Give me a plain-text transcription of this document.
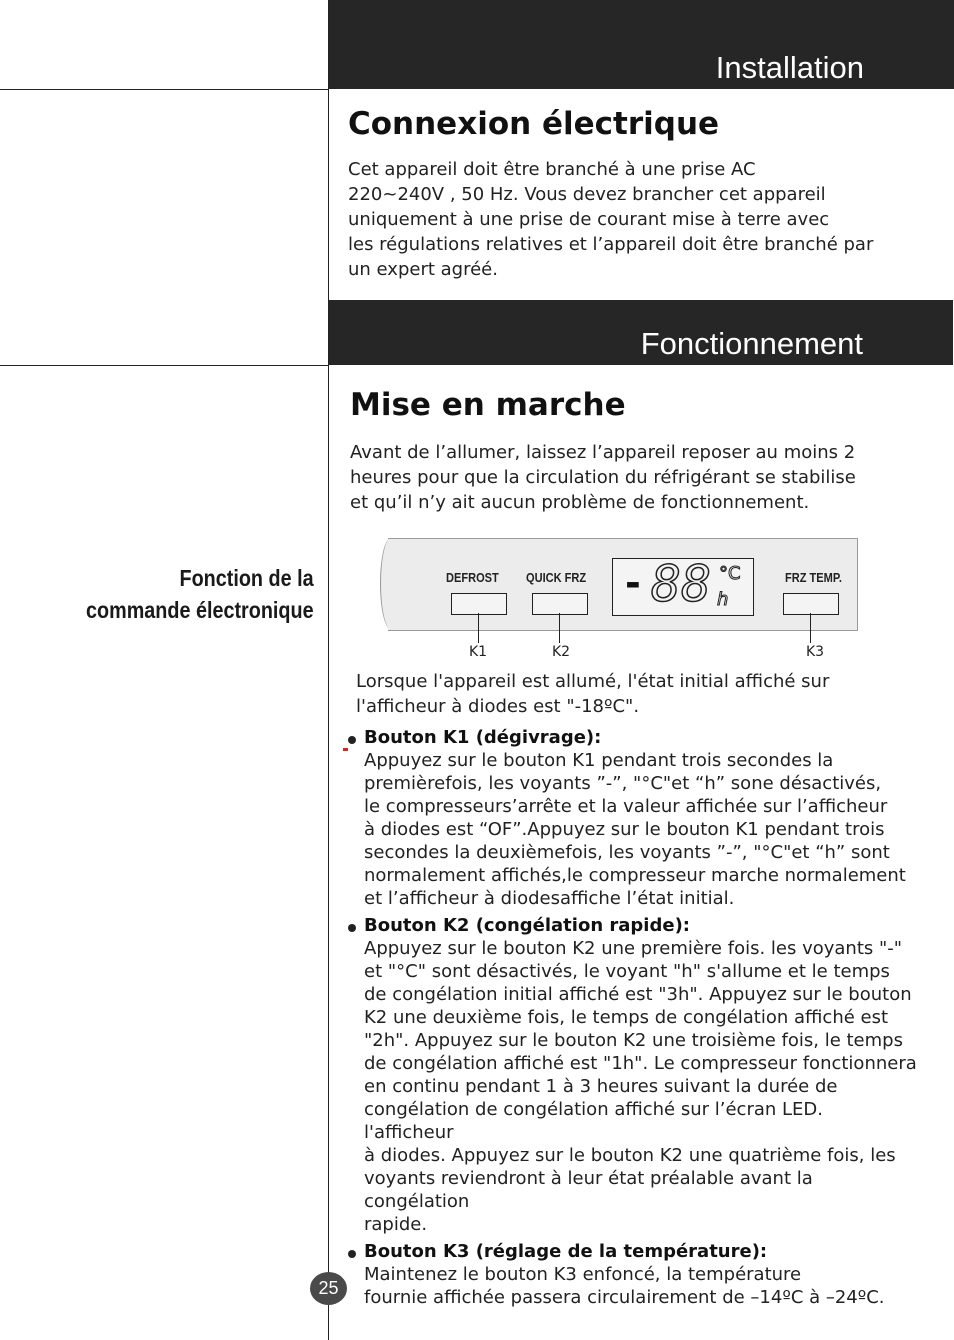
Installation
Connexion électrique

Cet appareil doit être branché à une prise AC
220~240V , 50 Hz. Vous devez brancher cet appareil
uniquement à une prise de courant mise à terre avec
les régulations relatives et l’appareil doit être branché par
un expert agréé.

Fonctionnement
Mise en marche

Avant de l’allumer, laissez l’appareil reposer au moins 2
heures pour que la circulation du réfrigérant se stabilise
et qu’il n’y ait aucun problème de fonctionnement.

Fonction de la
commande électronique
DEFROST QUICK FRZ	FRZ TEMP.
- 88 °C
h
K1	K2	K3

Lorsque l'appareil est allumé, l'état initial affiché sur
l'afficheur à diodes est "-18ºC".

Bouton K1 (dégivrage):
Appuyez sur le bouton K1 pendant trois secondes la
premièrefois, les voyants ”-”, "°C"et “h” sone désactivés,
le compresseurs’arrête et la valeur affichée sur l’afficheur
à diodes est “OF”.Appuyez sur le bouton K1 pendant trois
secondes la deuxièmefois, les voyants ”-”, "°C"et “h” sont
normalement affichés,le compresseur marche normalement
et l’afficheur à diodesaffiche l’état initial.
Bouton K2 (congélation rapide):
Appuyez sur le bouton K2 une première fois. les voyants "-"
et "°C" sont désactivés, le voyant "h" s'allume et le temps
de congélation initial affiché est "3h". Appuyez sur le bouton
K2 une deuxième fois, le temps de congélation affiché est
"2h". Appuyez sur le bouton K2 une troisième fois, le temps
de congélation affiché est "1h". Le compresseur fonctionnera
en continu pendant 1 à 3 heures suivant la durée de
congélation de congélation affiché sur l’écran LED. l'afficheur
à diodes. Appuyez sur le bouton K2 une quatrième fois, les
voyants reviendront à leur état préalable avant la congélation
rapide.
Bouton K3 (réglage de la température):
Maintenez le bouton K3 enfoncé, la température
fournie affichée passera circulairement de –14ºC à –24ºC.
25
